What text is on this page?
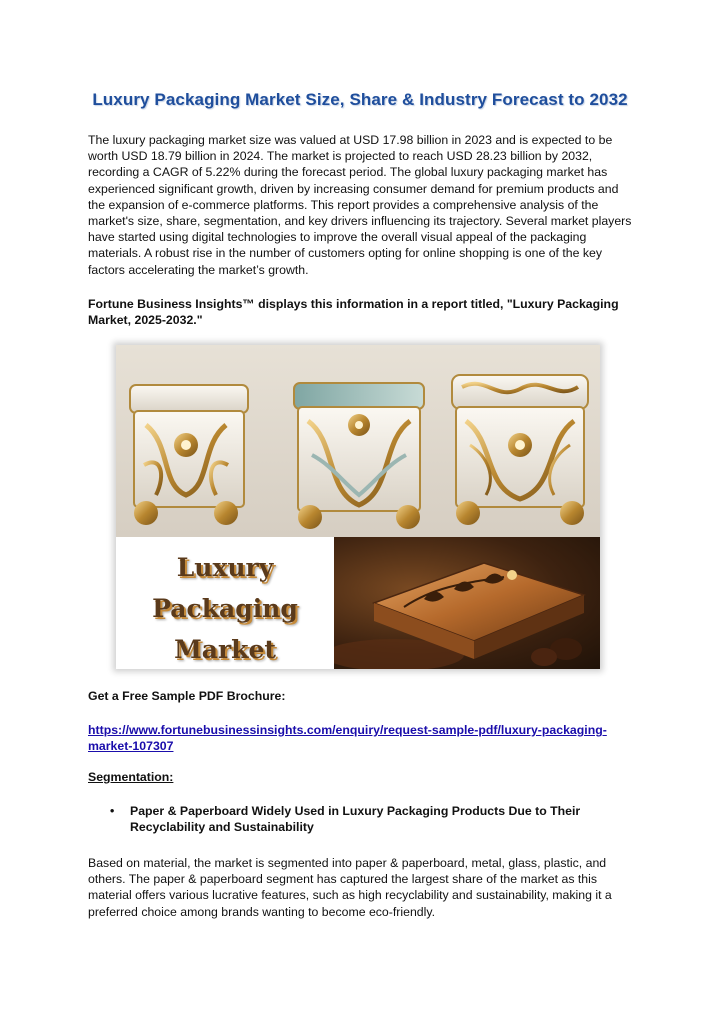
Luxury Packaging Market Size, Share & Industry Forecast to 2032
The luxury packaging market size was valued at USD 17.98 billion in 2023 and is expected to be worth USD 18.79 billion in 2024. The market is projected to reach USD 28.23 billion by 2032, recording a CAGR of 5.22% during the forecast period. The global luxury packaging market has experienced significant growth, driven by increasing consumer demand for premium products and the expansion of e-commerce platforms. This report provides a comprehensive analysis of the market's size, share, segmentation, and key drivers influencing its trajectory. Several market players have started using digital technologies to improve the overall visual appeal of the packaging materials. A robust rise in the number of customers opting for online shopping is one of the key factors accelerating the market’s growth.
Fortune Business Insights™ displays this information in a report titled, "Luxury Packaging Market, 2025-2032."
Luxury
Packaging
Market
Get a Free Sample PDF Brochure:
https://www.fortunebusinessinsights.com/enquiry/request-sample-pdf/luxury-packaging-market-107307
Segmentation:
• Paper & Paperboard Widely Used in Luxury Packaging Products Due to Their Recyclability and Sustainability
Based on material, the market is segmented into paper & paperboard, metal, glass, plastic, and others. The paper & paperboard segment has captured the largest share of the market as this material offers various lucrative features, such as high recyclability and sustainability, making it a preferred choice among brands wanting to become eco-friendly.
